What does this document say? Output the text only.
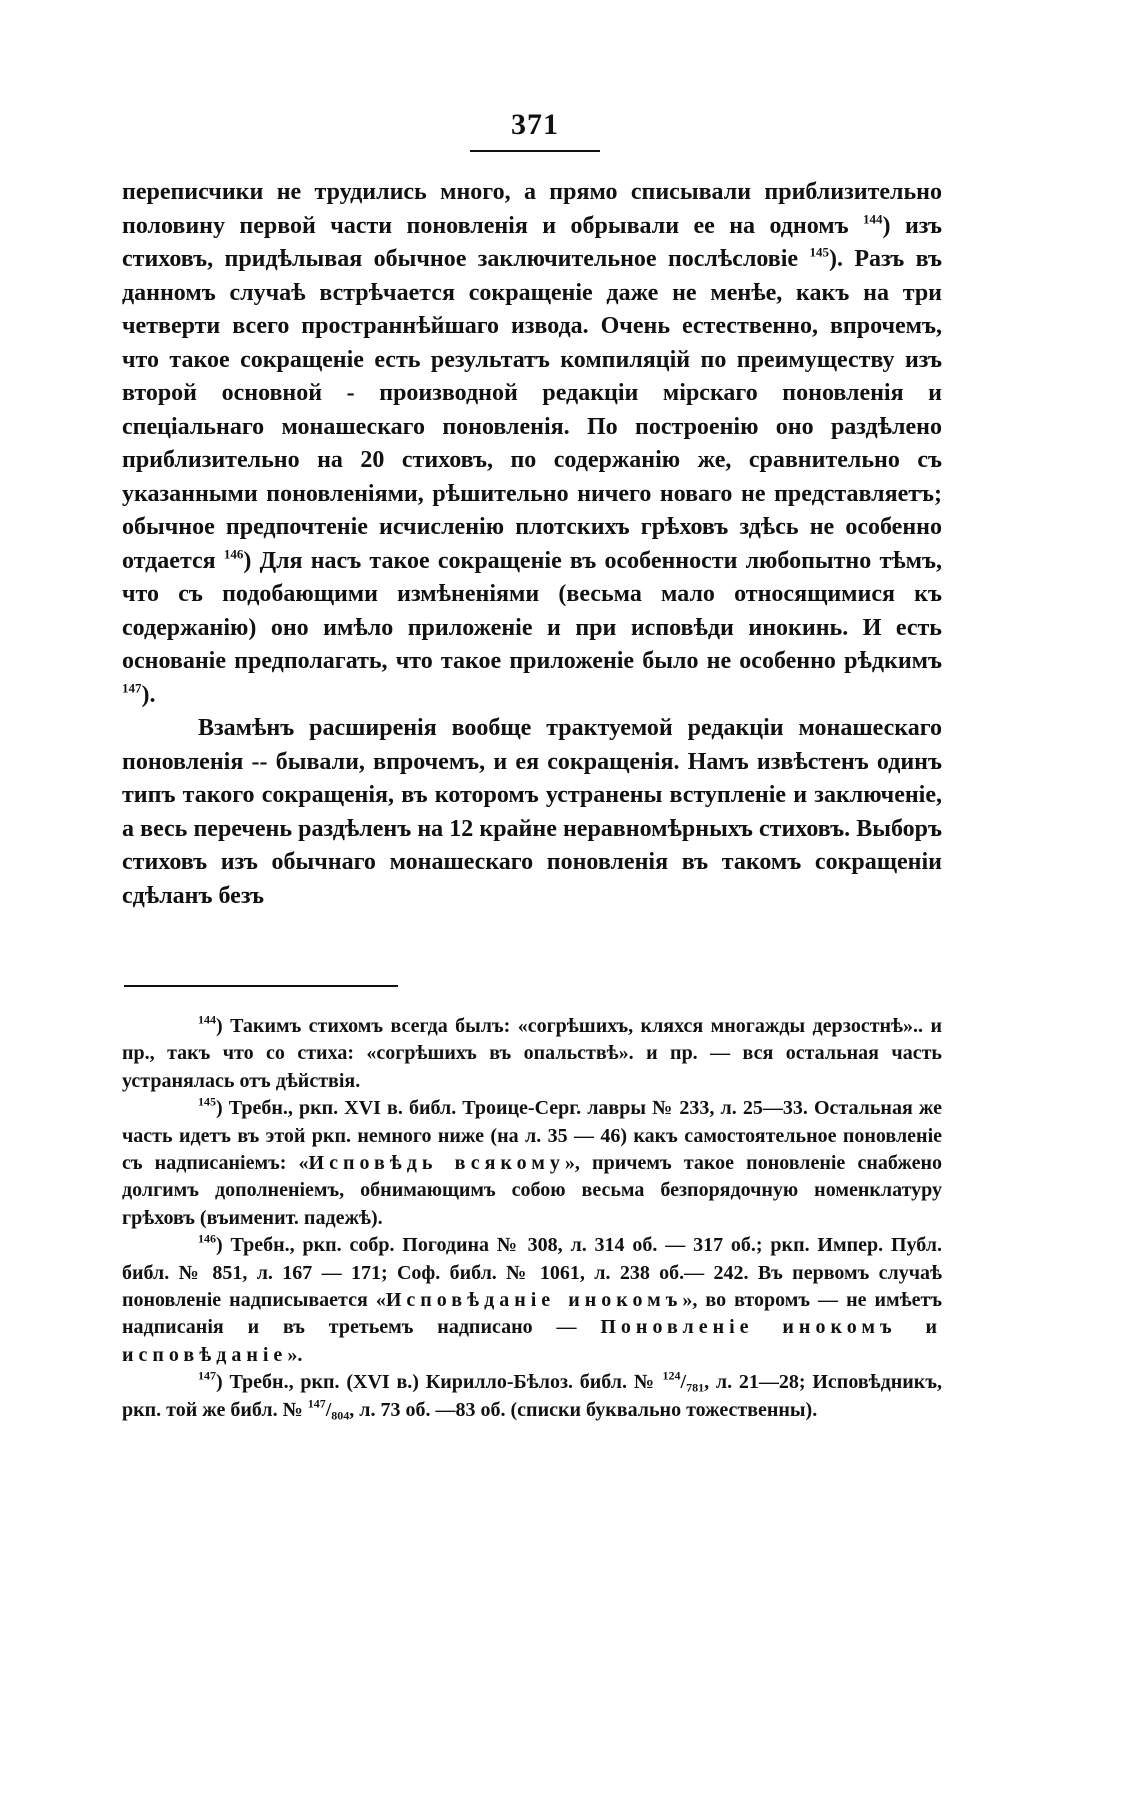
371

переписчики не трудились много, а прямо списывали приблизительно половину первой части поновленія и обрывали ее на одномъ $^{144}$) изъ стиховъ, придѣлывая обычное заключительное послѣсловіе $^{145}$). Разъ въ данномъ случаѣ встрѣчается сокращеніе даже не менѣе, какъ на три четверти всего пространнѣйшаго извода. Очень естественно, впрочемъ, что такое сокращеніе есть результатъ компиляцій по преимуществу изъ второй основной - производной редакціи мірскаго поновленія и спеціальнаго монашескаго поновленія. По построенію оно раздѣлено приблизительно на 20 стиховъ, по содержанію же, сравнительно съ указанными поновленіями, рѣшительно ничего новаго не представляетъ; обычное предпочтеніе исчисленію плотскихъ грѣховъ здѣсь не особенно отдается $^{146}$) Для насъ такое сокращеніе въ особенности любопытно тѣмъ, что съ подобающими измѣненіями (весьма мало относящимися къ содержанію) оно имѣло приложеніе и при исповѣди инокинь. И есть основаніе предполагать, что такое приложеніе было не особенно рѣдкимъ $^{147}$).

Взамѣнъ расширенія вообще трактуемой редакціи монашескаго поновленія -- бывали, впрочемъ, и ея сокращенія. Намъ извѣстенъ одинъ типъ такого сокращенія, въ которомъ устранены вступленіе и заключеніе, а весь перечень раздѣленъ на 12 крайне неравномѣрныхъ стиховъ. Выборъ стиховъ изъ обычнаго монашескаго поновленія въ такомъ сокращеніи сдѣланъ безъ

$^{144}$) Такимъ стихомъ всегда былъ: «согрѣшихъ, кляхся многажды дерзостнѣ».. и пр., такъ что со стиха: «согрѣшихъ въ опальствѣ». и пр. — вся остальная часть устранялась отъ дѣйствія.

$^{145}$) Требн., ркп. XVI в. библ. Троице-Серг. лавры № 233, л. 25—33. Остальная же часть идетъ въ этой ркп. немного ниже (на л. 35 — 46) какъ самостоятельное поновленіе съ надписаніемъ: «Исповѣдь всякому», причемъ такое поновленіе снабжено долгимъ дополненіемъ, обнимающимъ собою весьма безпорядочную номенклатуру грѣховъ (въименит. падежѣ).

$^{146}$) Требн., ркп. собр. Погодина № 308, л. 314 об. — 317 об.; ркп. Импер. Публ. библ. № 851, л. 167 — 171; Соф. библ. № 1061, л. 238 об.— 242. Въ первомъ случаѣ поновленіе надписывается «Исповѣданіе инокомъ», во второмъ — не имѣетъ надписанія и въ третьемъ надписано — Поновленіе инокомъ и исповѣданіе».

$^{147}$) Требн., ркп. (XVI в.) Кирилло-Бѣлоз. библ. № $^{124}$/781, л. 21—28; Исповѣдникъ, ркп. той же библ. № $^{147}$/804, л. 73 об. —83 об. (списки буквально тожественны).
